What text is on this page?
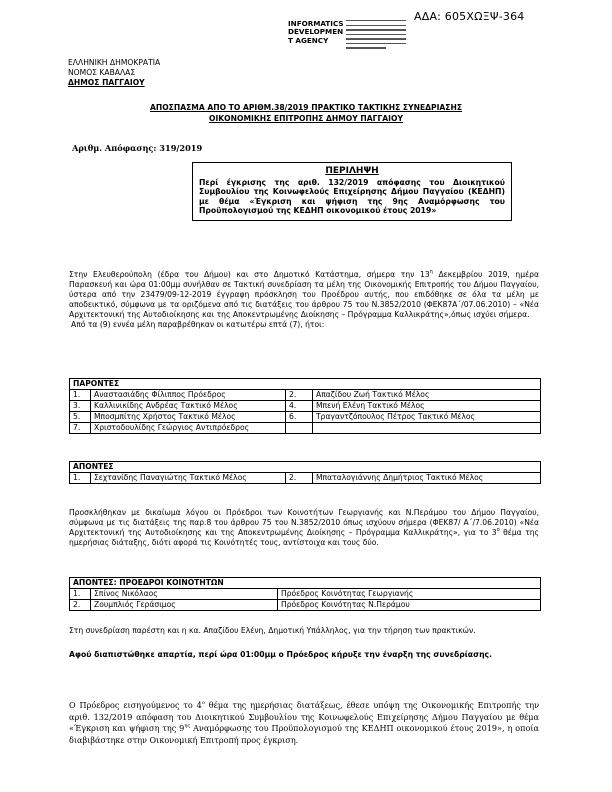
ΑΔΑ: 605ΧΩΞΨ-364
INFORMATICS
DEVELOPMEN
T AGENCY
ΕΛΛΗΝΙΚΗ ΔΗΜΟΚΡΑΤΙΑ
ΝΟΜΟΣ ΚΑΒΑΛΑΣ
ΔΗΜΟΣ ΠΑΓΓΑΙΟΥ
ΑΠΟΣΠΑΣΜΑ ΑΠΟ ΤΟ ΑΡΙΘΜ.38/2019 ΠΡΑΚΤΙΚΟ ΤΑΚΤΙΚΗΣ ΣΥΝΕΔΡΙΑΣΗΣ
ΟΙΚΟΝΟΜΙΚΗΣ ΕΠΙΤΡΟΠΗΣ ΔΗΜΟΥ ΠΑΓΓΑΙΟΥ
Αριθμ. Απόφασης: 319/2019
ΠΕΡΙΛΗΨΗ
Περί έγκρισης της αριθ. 132/2019 απόφασης του Διοικητικού Συμβουλίου της Κοινωφελούς Επιχείρησης Δήμου Παγγαίου (ΚΕΔΗΠ) με θέμα «Έγκριση και ψήφιση της 9ης Αναμόρφωσης του Προϋπολογισμού της ΚΕΔΗΠ οικονομικού έτους 2019»
Στην Ελευθερούπολη (έδρα του Δήμου) και στο Δημοτικό Κατάστημα, σήμερα την $13^\eta$ Δεκεμβρίου 2019, ημέρα Παρασκευή και ώρα 01:00μμ συνήλθαν σε Τακτική συνεδρίαση τα μέλη της Οικονομικής Επιτροπής του Δήμου Παγγαίου, ύστερα από την 23479/09-12-2019 έγγραφη πρόσκληση του Προέδρου αυτής, που επιδόθηκε σε όλα τα μέλη με αποδεικτικό, σύμφωνα με τα οριζόμενα από τις διατάξεις του άρθρου 75 του Ν.3852/2010 (ΦΕΚ87Α΄/07.06.2010) – «Νέα Αρχιτεκτονική της Αυτοδιοίκησης και της Αποκεντρωμένης Διοίκησης – Πρόγραμμα Καλλικράτης»,όπως ισχύει σήμερα.
Από τα (9) εννέα μέλη παραβρέθηκαν οι κατωτέρω επτά (7), ήτοι:
ΠΑΡΟΝΤΕΣ			
1.	Αναστασιάδης Φίλιππος Πρόεδρος	2.	Απαζίδου Ζωή Τακτικό Μέλος
3.	Καλλινικίδης Ανδρέας Τακτικό Μέλος	4.	Μπενή Ελένη Τακτικό Μέλος
5.	Μποσμπίτης Χρήστος Τακτικό Μέλος	6.	Τραγαντζόπουλος Πέτρος Τακτικό Μέλος
7.	Χριστοδουλίδης Γεώργιος Αντιπρόεδρος		
ΑΠΟΝΤΕΣ
1.	Σεχτανίδης Παναγιώτης Τακτικό Μέλος	2.	Μπαταλογιάννης Δημήτριος Τακτικό Μέλος
Προσκλήθηκαν με δικαίωμα λόγου οι Πρόεδροι των Κοινοτήτων Γεωργιανής και Ν.Περάμου του Δήμου Παγγαίου, σύμφωνα με τις διατάξεις της παρ.8 του άρθρου 75 του Ν.3852/2010 όπως ισχύουν σήμερα (ΦΕΚ87/ Α΄/7.06.2010) «Νέα Αρχιτεκτονική της Αυτοδιοίκησης και της Αποκεντρωμένης Διοίκησης – Πρόγραμμα Καλλικράτης», για το $3^o$ θέμα της ημερήσιας διάταξης, διότι αφορά τις Κοινότητές τους, αντίστοιχα και τους δύο.
ΑΠΟΝΤΕΣ: ΠΡΟΕΔΡΟΙ ΚΟΙΝΟΤΗΤΩΝ		
1.	Σπίνος Νικόλαος	Πρόεδρος Κοινότητας Γεωργιανής
2.	Ζουμπλιός Γεράσιμος	Πρόεδρος Κοινότητας Ν.Περάμου
Στη συνεδρίαση παρέστη και η κα. Απαζίδου Ελένη, Δημοτική Υπάλληλος, για την τήρηση των πρακτικών.
Αφού διαπιστώθηκε απαρτία, περί ώρα 01:00μμ ο Πρόεδρος κήρυξε την έναρξη της συνεδρίασης.
Ο Πρόεδρος εισηγούμενος το $4^o$ θέμα της ημερήσιας διατάξεως, έθεσε υπόψη της Οικονομικής Επιτροπής την αριθ. 132/2019 απόφαση του Διοικητικού Συμβουλίου της Κοινωφελούς Επιχείρησης Δήμου Παγγαίου με θέμα «Έγκριση και ψήφιση της $9^{\eta\varsigma}$ Αναμόρφωσης του Προϋπολογισμού της ΚΕΔΗΠ οικονομικού έτους 2019», η οποία διαβιβάστηκε στην Οικονομική Επιτροπή προς έγκριση.
